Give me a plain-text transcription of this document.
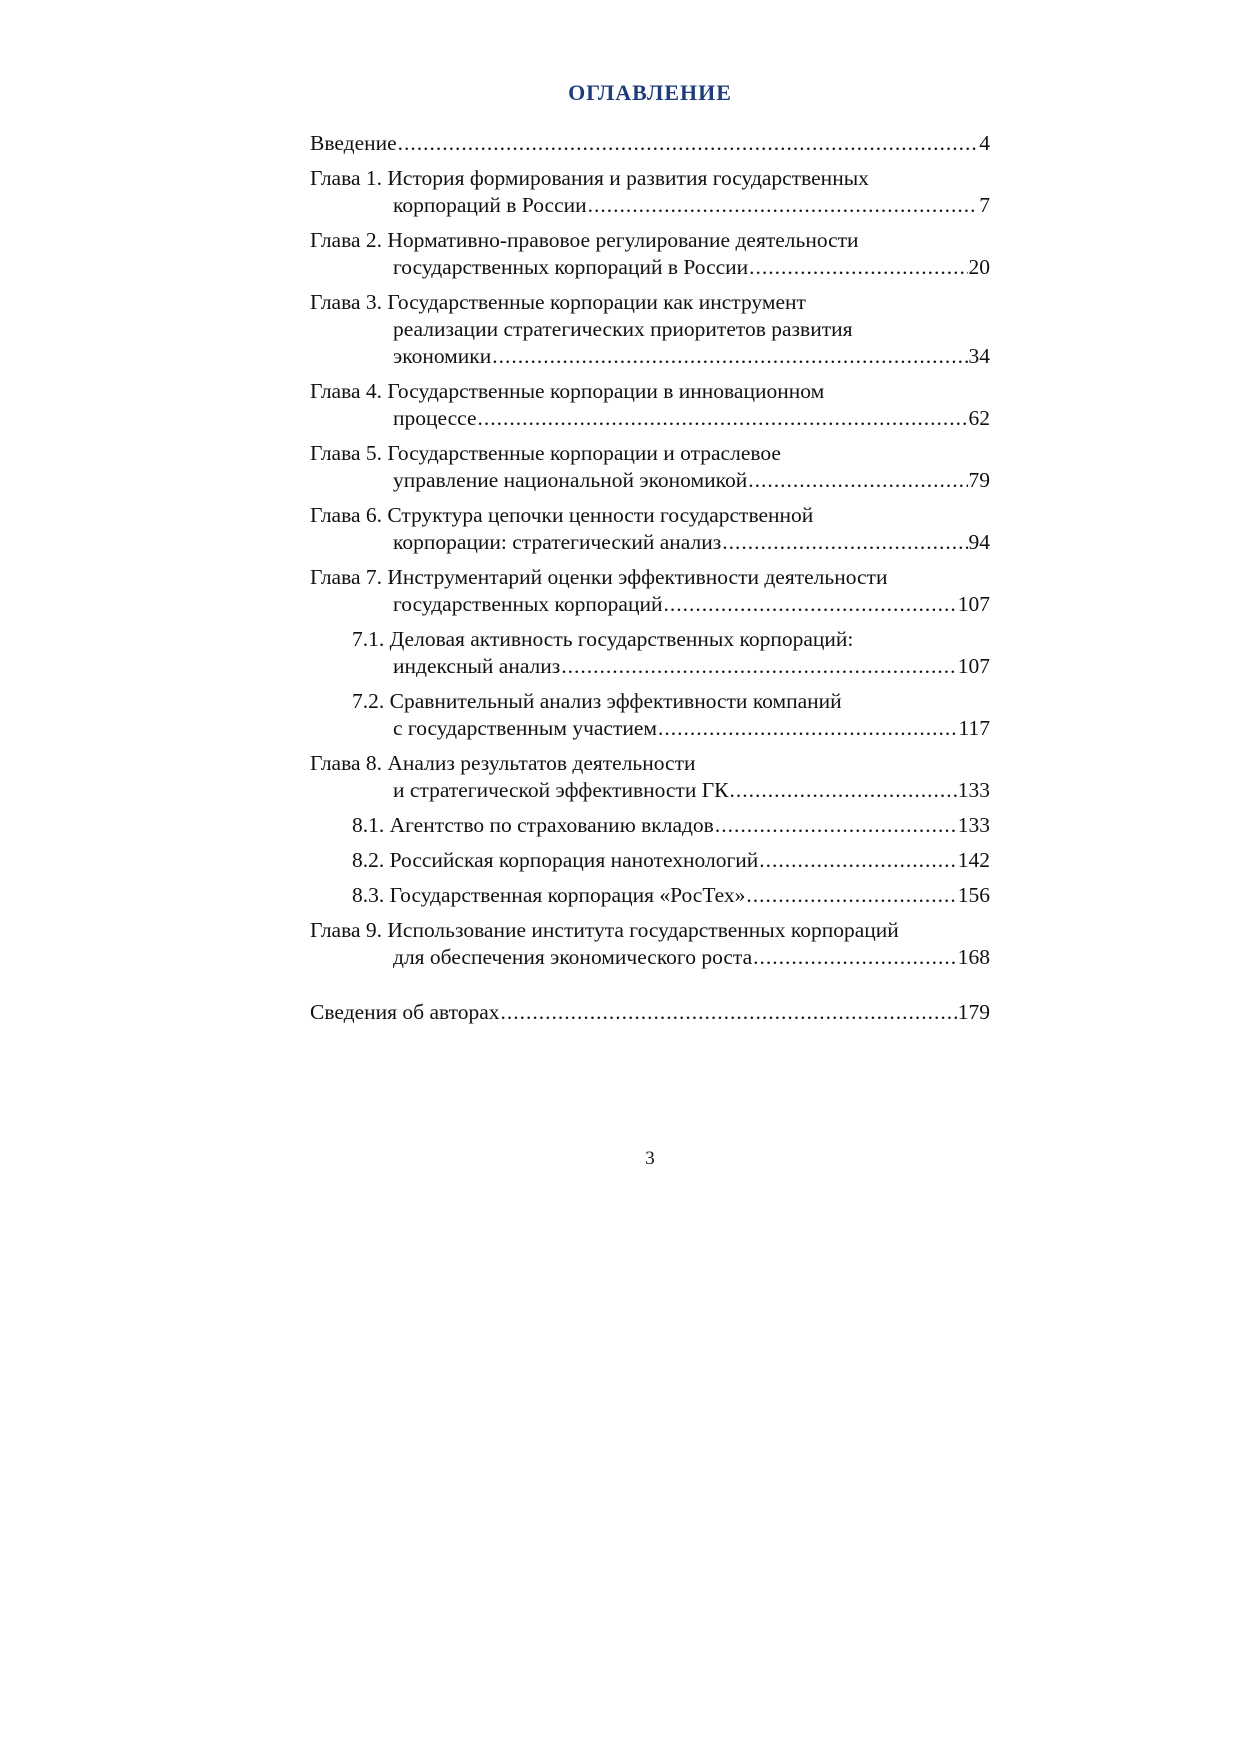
ОГЛАВЛЕНИЕ
Введение .....	4
Глава 1.
История формирования и развития государственных
корпораций в России .....	7
Глава 2.
Нормативно-правовое регулирование деятельности
государственных корпораций в России .....	20
Глава 3.
Государственные корпорации как инструмент
реализации стратегических приоритетов развития
экономики .....	34
Глава 4.
Государственные корпорации в инновационном
процессе .....	62
Глава 5.
Государственные корпорации и отраслевое
управление национальной экономикой .....	79
Глава 6.
Структура цепочки ценности государственной
корпорации: стратегический анализ .....	94
Глава 7.
Инструментарий оценки эффективности деятельности
государственных корпораций .....	107
7.1.
Деловая активность государственных корпораций:
индексный анализ .....	107
7.2.
Сравнительный анализ эффективности компаний
с государственным участием .....	117
Глава 8.
Анализ результатов деятельности
и стратегической эффективности ГК .....	133
8.1.
Агентство по страхованию вкладов .....	133
8.2.
Российская корпорация нанотехнологий .....	142
8.3.
Государственная корпорация «РосТех» .....	156
Глава 9.
Использование института государственных корпораций
для обеспечения экономического роста .....	168
Сведения об авторах .....	179
3
